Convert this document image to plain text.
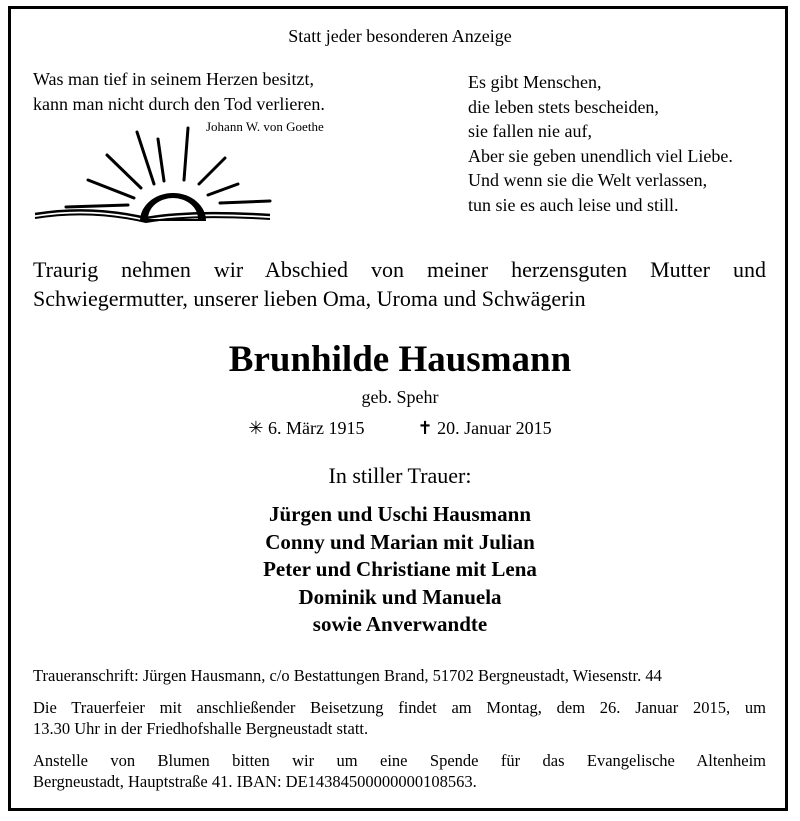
Statt jeder besonderen Anzeige
Was man tief in seinem Herzen besitzt,
kann man nicht durch den Tod verlieren.
Johann W. von Goethe
Es gibt Menschen,
die leben stets bescheiden,
sie fallen nie auf,
Aber sie geben unendlich viel Liebe.
Und wenn sie die Welt verlassen,
tun sie es auch leise und still.
Traurig nehmen wir Abschied von meiner herzensguten Mutter und
Schwiegermutter, unserer lieben Oma, Uroma und Schwägerin
Brunhilde Hausmann
geb. Spehr
✳ 6. März 1915	✝ 20. Januar 2015
In stiller Trauer:
Jürgen und Uschi Hausmann
Conny und Marian mit Julian
Peter und Christiane mit Lena
Dominik und Manuela
sowie Anverwandte
Traueranschrift: Jürgen Hausmann, c/o Bestattungen Brand, 51702 Bergneustadt, Wiesenstr. 44
Die Trauerfeier mit anschließender Beisetzung findet am Montag, dem 26. Januar 2015, um
13.30 Uhr in der Friedhofshalle Bergneustadt statt.
Anstelle von Blumen bitten wir um eine Spende für das Evangelische Altenheim
Bergneustadt, Hauptstraße 41. IBAN: DE14384500000000108563.
